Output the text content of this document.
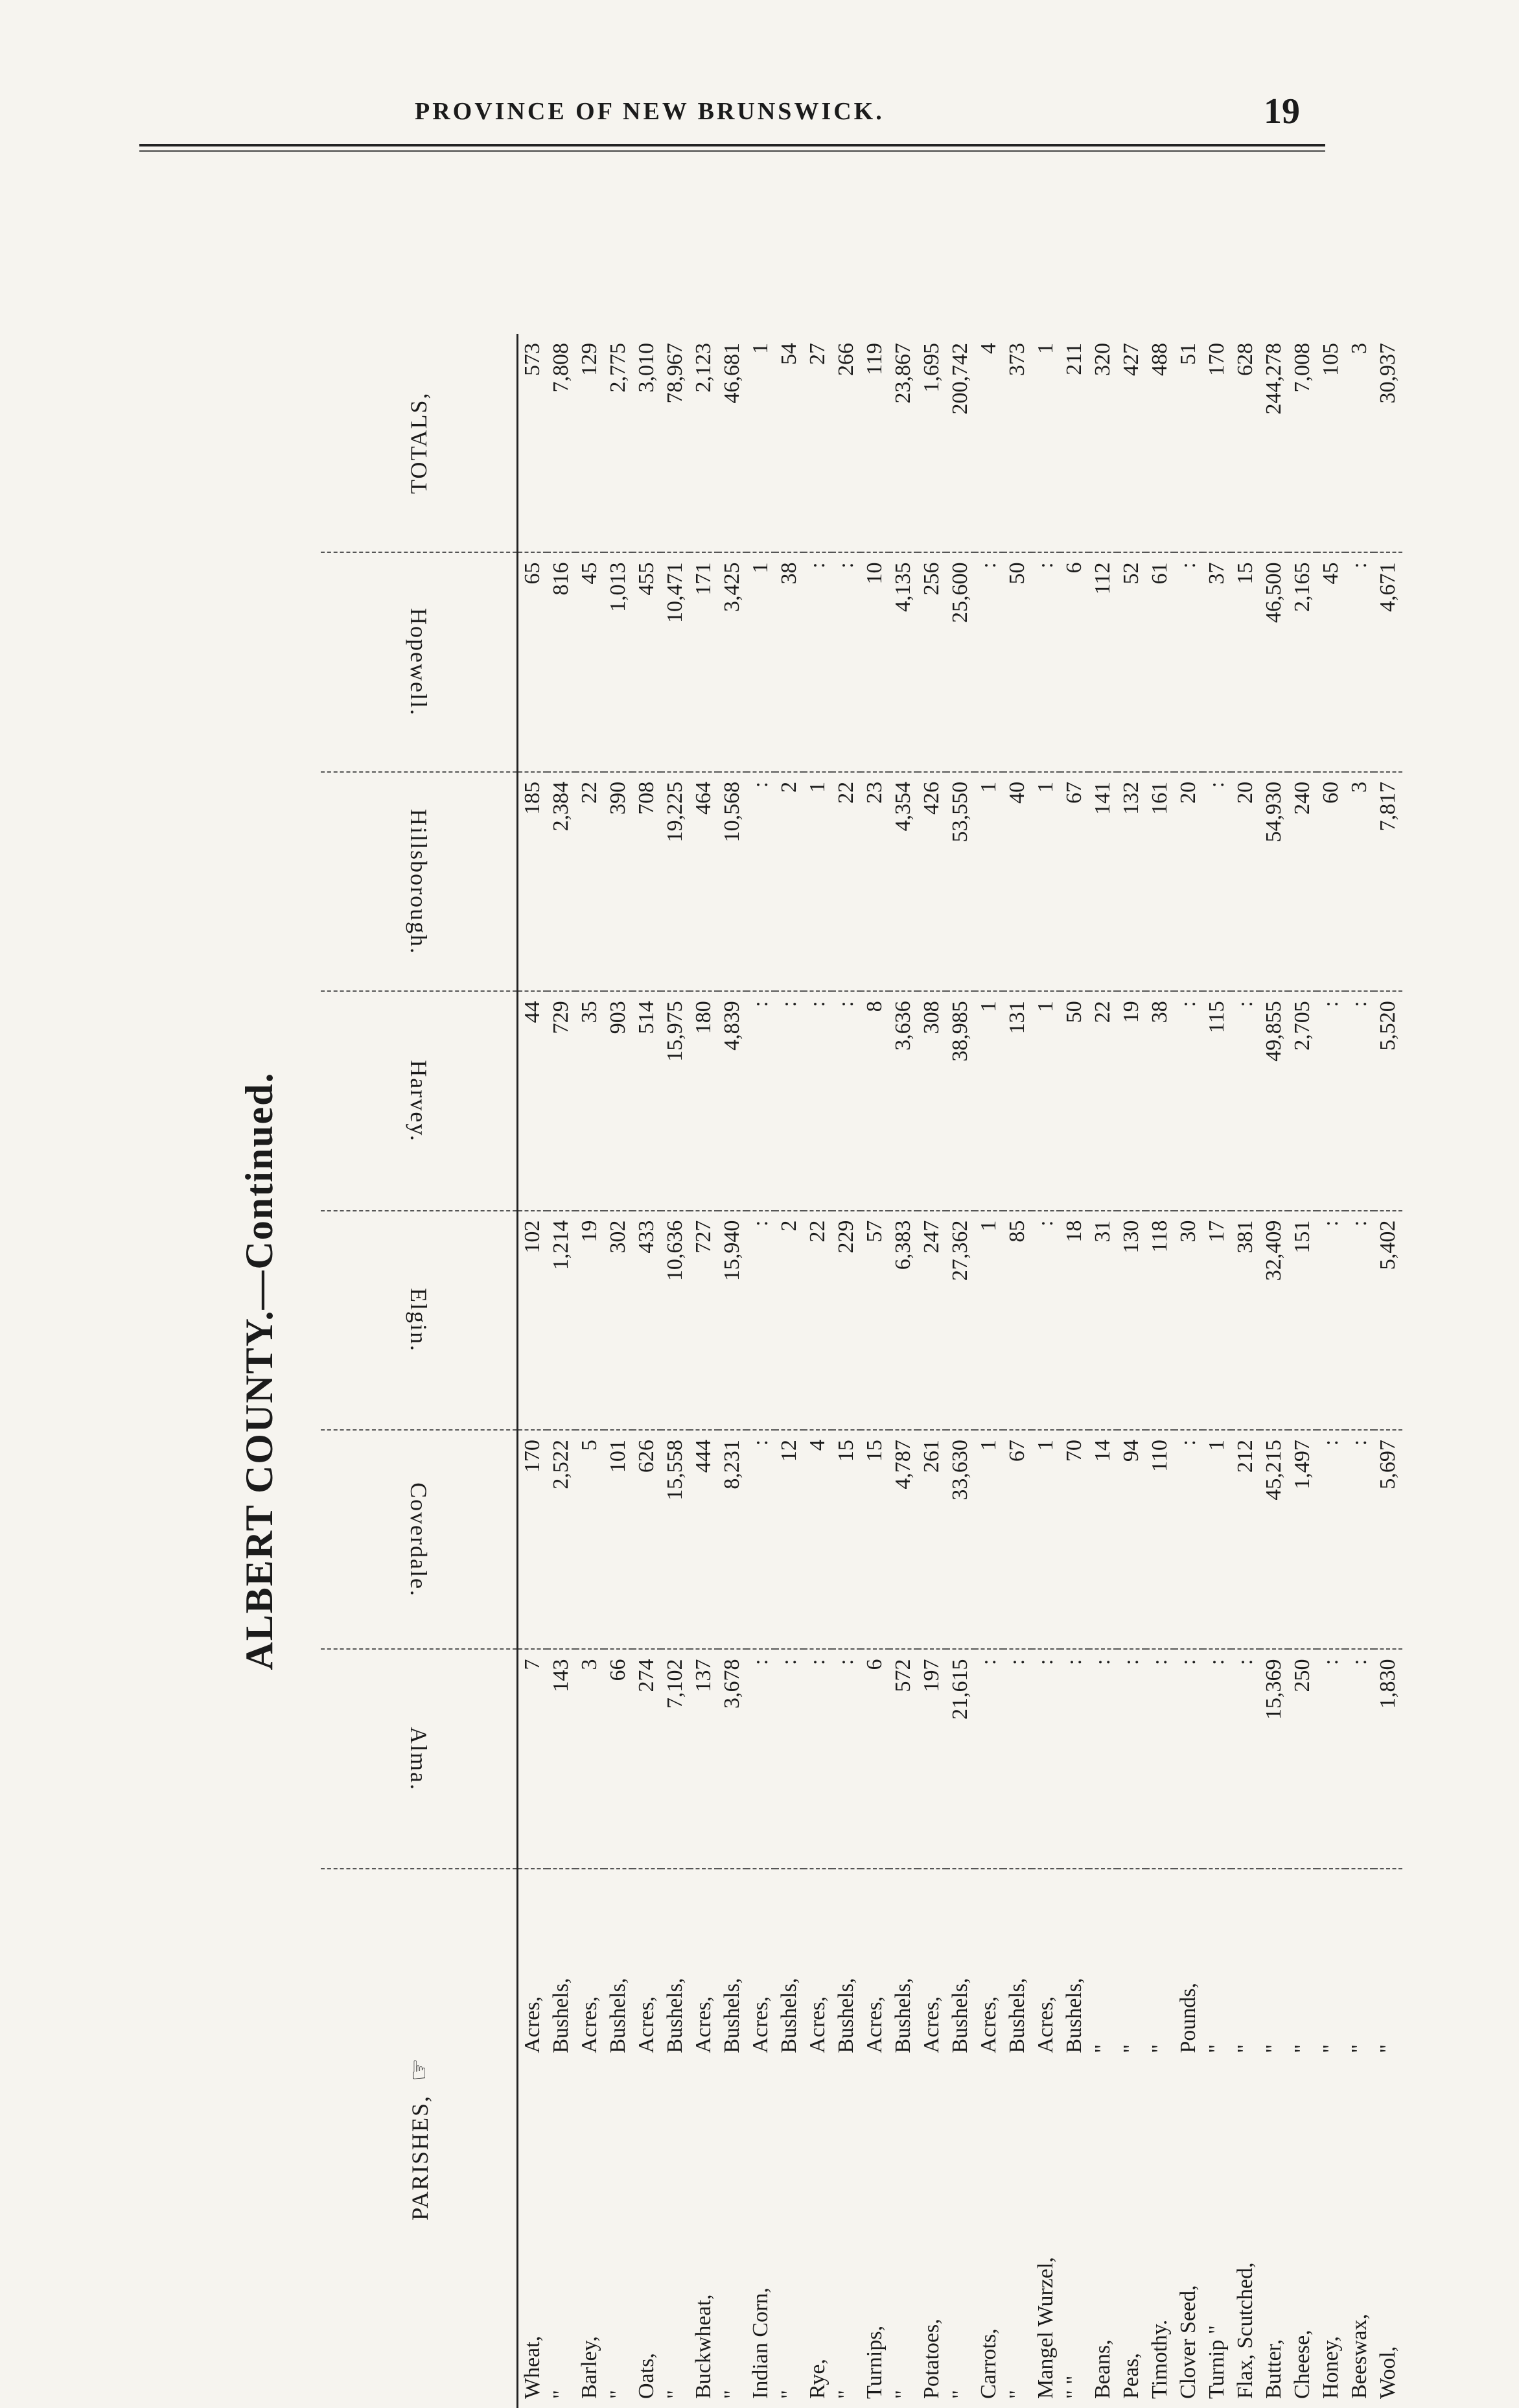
PROVINCE OF NEW BRUNSWICK.	19
ALBERT COUNTY.—Continued.
PARISHES, ☞		Alma.	Coverdale.	Elgin.	Harvey.	Hillsborough.	Hopewell.	TOTALS,
Wheat,	Acres,	7	170	102	44	185	65	573
"	Bushels,	143	2,522	1,214	729	2,384	816	7,808
Barley,	Acres,	3	5	19	35	22	45	129
"	Bushels,	66	101	302	903	390	1,013	2,775
Oats,	Acres,	274	626	433	514	708	455	3,010
"	Bushels,	7,102	15,558	10,636	15,975	19,225	10,471	78,967
Buckwheat,	Acres,	137	444	727	180	464	171	2,123
"	Bushels,	3,678	8,231	15,940	4,839	10,568	3,425	46,681
Indian Corn,	Acres,	:	:	:	:	:	1	1
"	Bushels,	:	12	2	:	2	38	54
Rye,	Acres,	:	4	22	:	1	:	27
"	Bushels,	:	15	229	:	22	:	266
Turnips,	Acres,	6	15	57	8	23	10	119
"	Bushels,	572	4,787	6,383	3,636	4,354	4,135	23,867
Potatoes,	Acres,	197	261	247	308	426	256	1,695
"	Bushels,	21,615	33,630	27,362	38,985	53,550	25,600	200,742
Carrots,	Acres,	:	1	1	1	1	:	4
"	Bushels,	:	67	85	131	40	50	373
Mangel Wurzel,	Acres,	:	1	:	1	1	:	1
" "	Bushels,	:	70	18	50	67	6	211
Beans,	"	:	14	31	22	141	112	320
Peas,	"	:	94	130	19	132	52	427
Timothy.	"	:	110	118	38	161	61	488
Clover Seed,	Pounds,	:	:	30	:	20	:	51
Turnip "	"	:	1	17	115	:	37	170
Flax, Scutched,	"	:	212	381	:	20	15	628
Butter,	"	15,369	45,215	32,409	49,855	54,930	46,500	244,278
Cheese,	"	250	1,497	151	2,705	240	2,165	7,008
Honey,	"	:	:	:	:	60	45	105
Beeswax,	"	:	:	:	:	3	:	3
Wool,	"	1,830	5,697	5,402	5,520	7,817	4,671	30,937
